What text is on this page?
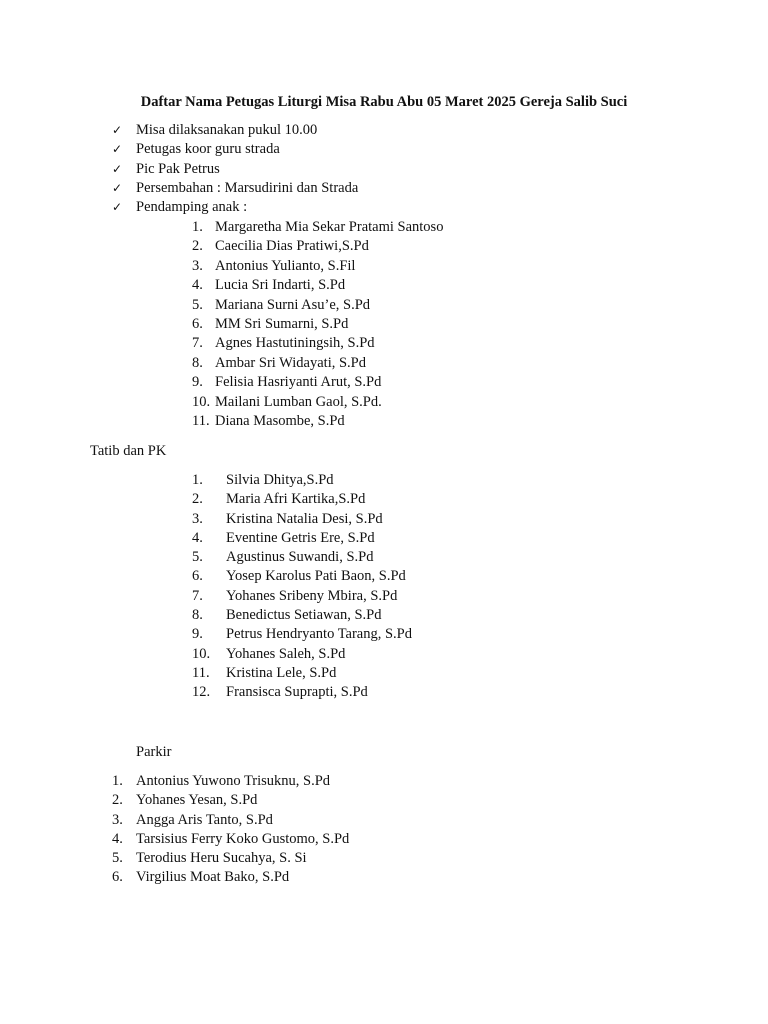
Daftar Nama Petugas Liturgi Misa Rabu Abu 05 Maret 2025 Gereja Salib Suci
✓ Misa dilaksanakan pukul 10.00
✓ Petugas koor guru strada
✓ Pic Pak Petrus
✓ Persembahan : Marsudirini dan Strada
✓ Pendamping anak :
1. Margaretha Mia Sekar Pratami Santoso
2. Caecilia Dias Pratiwi,S.Pd
3. Antonius Yulianto, S.Fil
4. Lucia Sri Indarti, S.Pd
5. Mariana Surni Asu’e, S.Pd
6. MM Sri Sumarni, S.Pd
7. Agnes Hastutiningsih, S.Pd
8. Ambar Sri Widayati, S.Pd
9. Felisia Hasriyanti Arut, S.Pd
10. Mailani Lumban Gaol, S.Pd.
11. Diana Masombe, S.Pd
Tatib dan PK
1. Silvia Dhitya,S.Pd
2. Maria Afri Kartika,S.Pd
3. Kristina Natalia Desi, S.Pd
4. Eventine Getris Ere, S.Pd
5. Agustinus Suwandi, S.Pd
6. Yosep Karolus Pati Baon, S.Pd
7. Yohanes Sribeny Mbira, S.Pd
8. Benedictus Setiawan, S.Pd
9. Petrus Hendryanto Tarang, S.Pd
10. Yohanes Saleh, S.Pd
11. Kristina Lele, S.Pd
12. Fransisca Suprapti, S.Pd
Parkir
1. Antonius Yuwono Trisuknu, S.Pd
2. Yohanes Yesan, S.Pd
3. Angga Aris Tanto, S.Pd
4. Tarsisius Ferry Koko Gustomo, S.Pd
5. Terodius Heru Sucahya, S. Si
6. Virgilius Moat Bako, S.Pd
